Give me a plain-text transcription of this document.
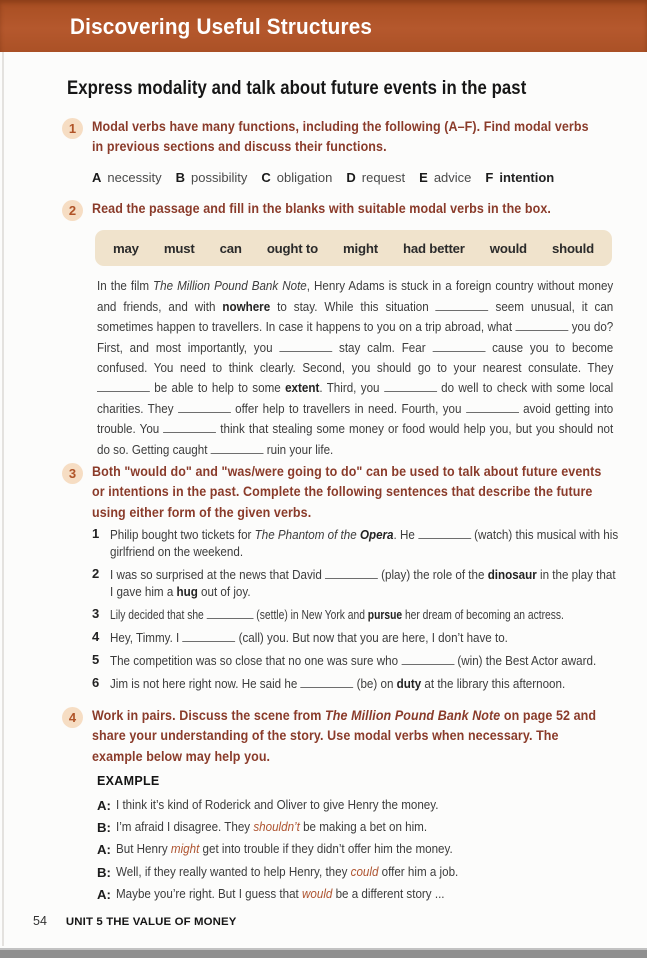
Discovering Useful Structures
Express modality and talk about future events in the past
1	Modal verbs have many functions, including the following (A–F). Find modal verbs in previous sections and discuss their functions.
A necessity B possibility C obligation D request E advice F intention
2	Read the passage and fill in the blanks with suitable modal verbs in the box.
may must can ought to might had better would should
In the film The Million Pound Bank Note, Henry Adams is stuck in a foreign country without money and friends, and with nowhere to stay. While this situation	seem unusual, it can sometimes happen to travellers. In case it happens to you on a trip abroad, what	you do? First, and most importantly, you	stay calm. Fear	cause you to become confused. You need to think clearly. Second, you should go to your nearest consulate. They  be able to help to some extent. Third, you	do well to check with some local charities. They	offer help to travellers in need. Fourth, you	avoid getting into trouble. You	think that stealing some money or food would help you, but you should not do so. Getting caught	ruin your life.
3	Both "would do" and "was/were going to do" can be used to talk about future events or intentions in the past. Complete the following sentences that describe the future using either form of the given verbs.
1 Philip bought two tickets for The Phantom of the Opera. He	(watch) this musical with his girlfriend on the weekend.
2 I was so surprised at the news that David	(play) the role of the dinosaur in the play that I gave him a hug out of joy.
3 Lily decided that she	(settle) in New York and pursue her dream of becoming an actress.
4 Hey, Timmy. I	(call) you. But now that you are here, I don’t have to.
5 The competition was so close that no one was sure who	(win) the Best Actor award.
6 Jim is not here right now. He said he	(be) on duty at the library this afternoon.
4	Work in pairs. Discuss the scene from The Million Pound Bank Note on page 52 and share your understanding of the story. Use modal verbs when necessary. The example below may help you.
EXAMPLE
A: I think it’s kind of Roderick and Oliver to give Henry the money.
B: I’m afraid I disagree. They shouldn’t be making a bet on him.
A: But Henry might get into trouble if they didn’t offer him the money.
B: Well, if they really wanted to help Henry, they could offer him a job.
A: Maybe you’re right. But I guess that would be a different story ...
54 UNIT 5 THE VALUE OF MONEY
